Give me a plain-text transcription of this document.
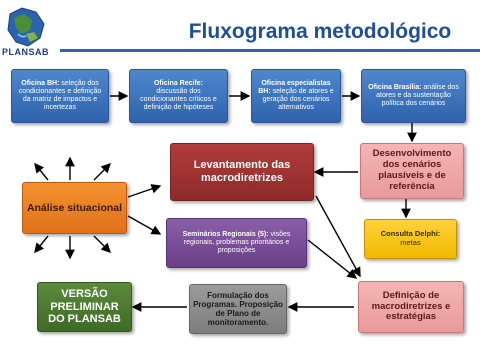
PLANSAB
Fluxograma metodológico
Oficina BH: seleção dos condicionantes e definição da matriz de impactos e incertezas
Oficina Recife:
discussão dos condicionantes críticos e definição de hipóteses
Oficina especialistas BH: seleção de atores e geração dos cenários alternativos
Oficina Brasília: análise dos atores e da sustentação política dos cenários
Levantamento das macrodiretrizes
Desenvolvimento dos cenários plausíveis e de referência
Análise situacional
Seminários Regionais (5): visões regionais, problemas prioritários e proposições
Consulta Delphi:
metas
VERSÃO PRELIMINAR DO PLANSAB
Formulação dos Programas. Proposição de Plano de monitoramento.
Definição de macrodiretrizes e estratégias
